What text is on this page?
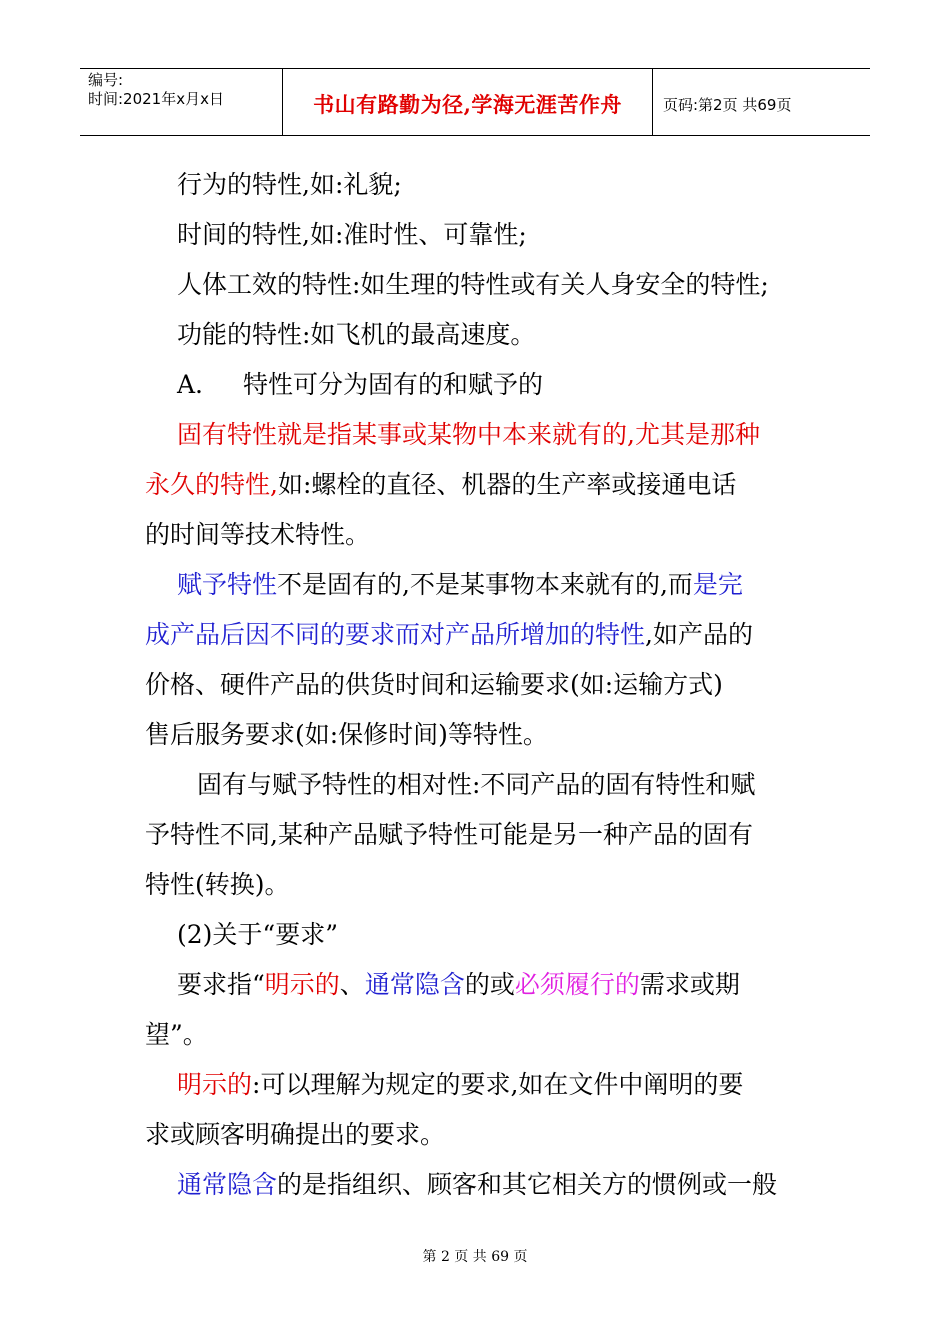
编号:
时间:2021年x月x日	书山有路勤为径,学海无涯苦作舟	页码:第2页 共69页

行为的特性,如:礼貌;

时间的特性,如:准时性、可靠性;

人体工效的特性:如生理的特性或有关人身安全的特性;

功能的特性:如飞机的最高速度。

A. 特性可分为固有的和赋予的

固有特性就是指某事或某物中本来就有的,尤其是那种

永久的特性,如:螺栓的直径、机器的生产率或接通电话

的时间等技术特性。

赋予特性不是固有的,不是某事物本来就有的,而是完

成产品后因不同的要求而对产品所增加的特性,如产品的

价格、硬件产品的供货时间和运输要求(如:运输方式)

售后服务要求(如:保修时间)等特性。

固有与赋予特性的相对性:不同产品的固有特性和赋

予特性不同,某种产品赋予特性可能是另一种产品的固有

特性(转换)。

(2)关于“要求”

要求指“明示的、通常隐含的或必须履行的需求或期

望”。

明示的:可以理解为规定的要求,如在文件中阐明的要

求或顾客明确提出的要求。

通常隐含的是指组织、顾客和其它相关方的惯例或一般

第 2 页 共 69 页
